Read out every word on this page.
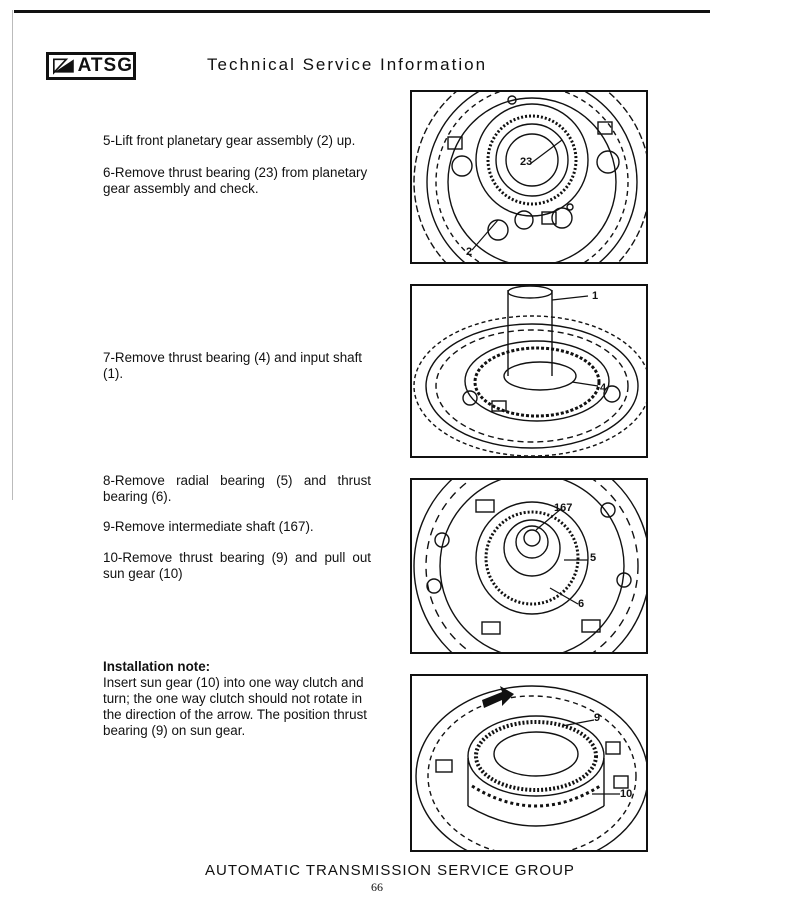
ATSG	Technical Service Information

5-Lift front planetary gear assembly (2) up.

6-Remove thrust bearing (23) from planetary gear assembly and check.

7-Remove thrust bearing (4) and input shaft (1).

8-Remove radial bearing (5) and thrust bearing (6).

9-Remove intermediate shaft (167).

10-Remove thrust bearing (9) and pull out sun gear (10)

Installation note:

Insert sun gear (10) into one way clutch and turn; the one way clutch should not rotate in the direction of the arrow. The position thrust bearing (9) on sun gear.

23
2
1
4
167
5
6
9
10
AUTOMATIC TRANSMISSION SERVICE GROUP
66
